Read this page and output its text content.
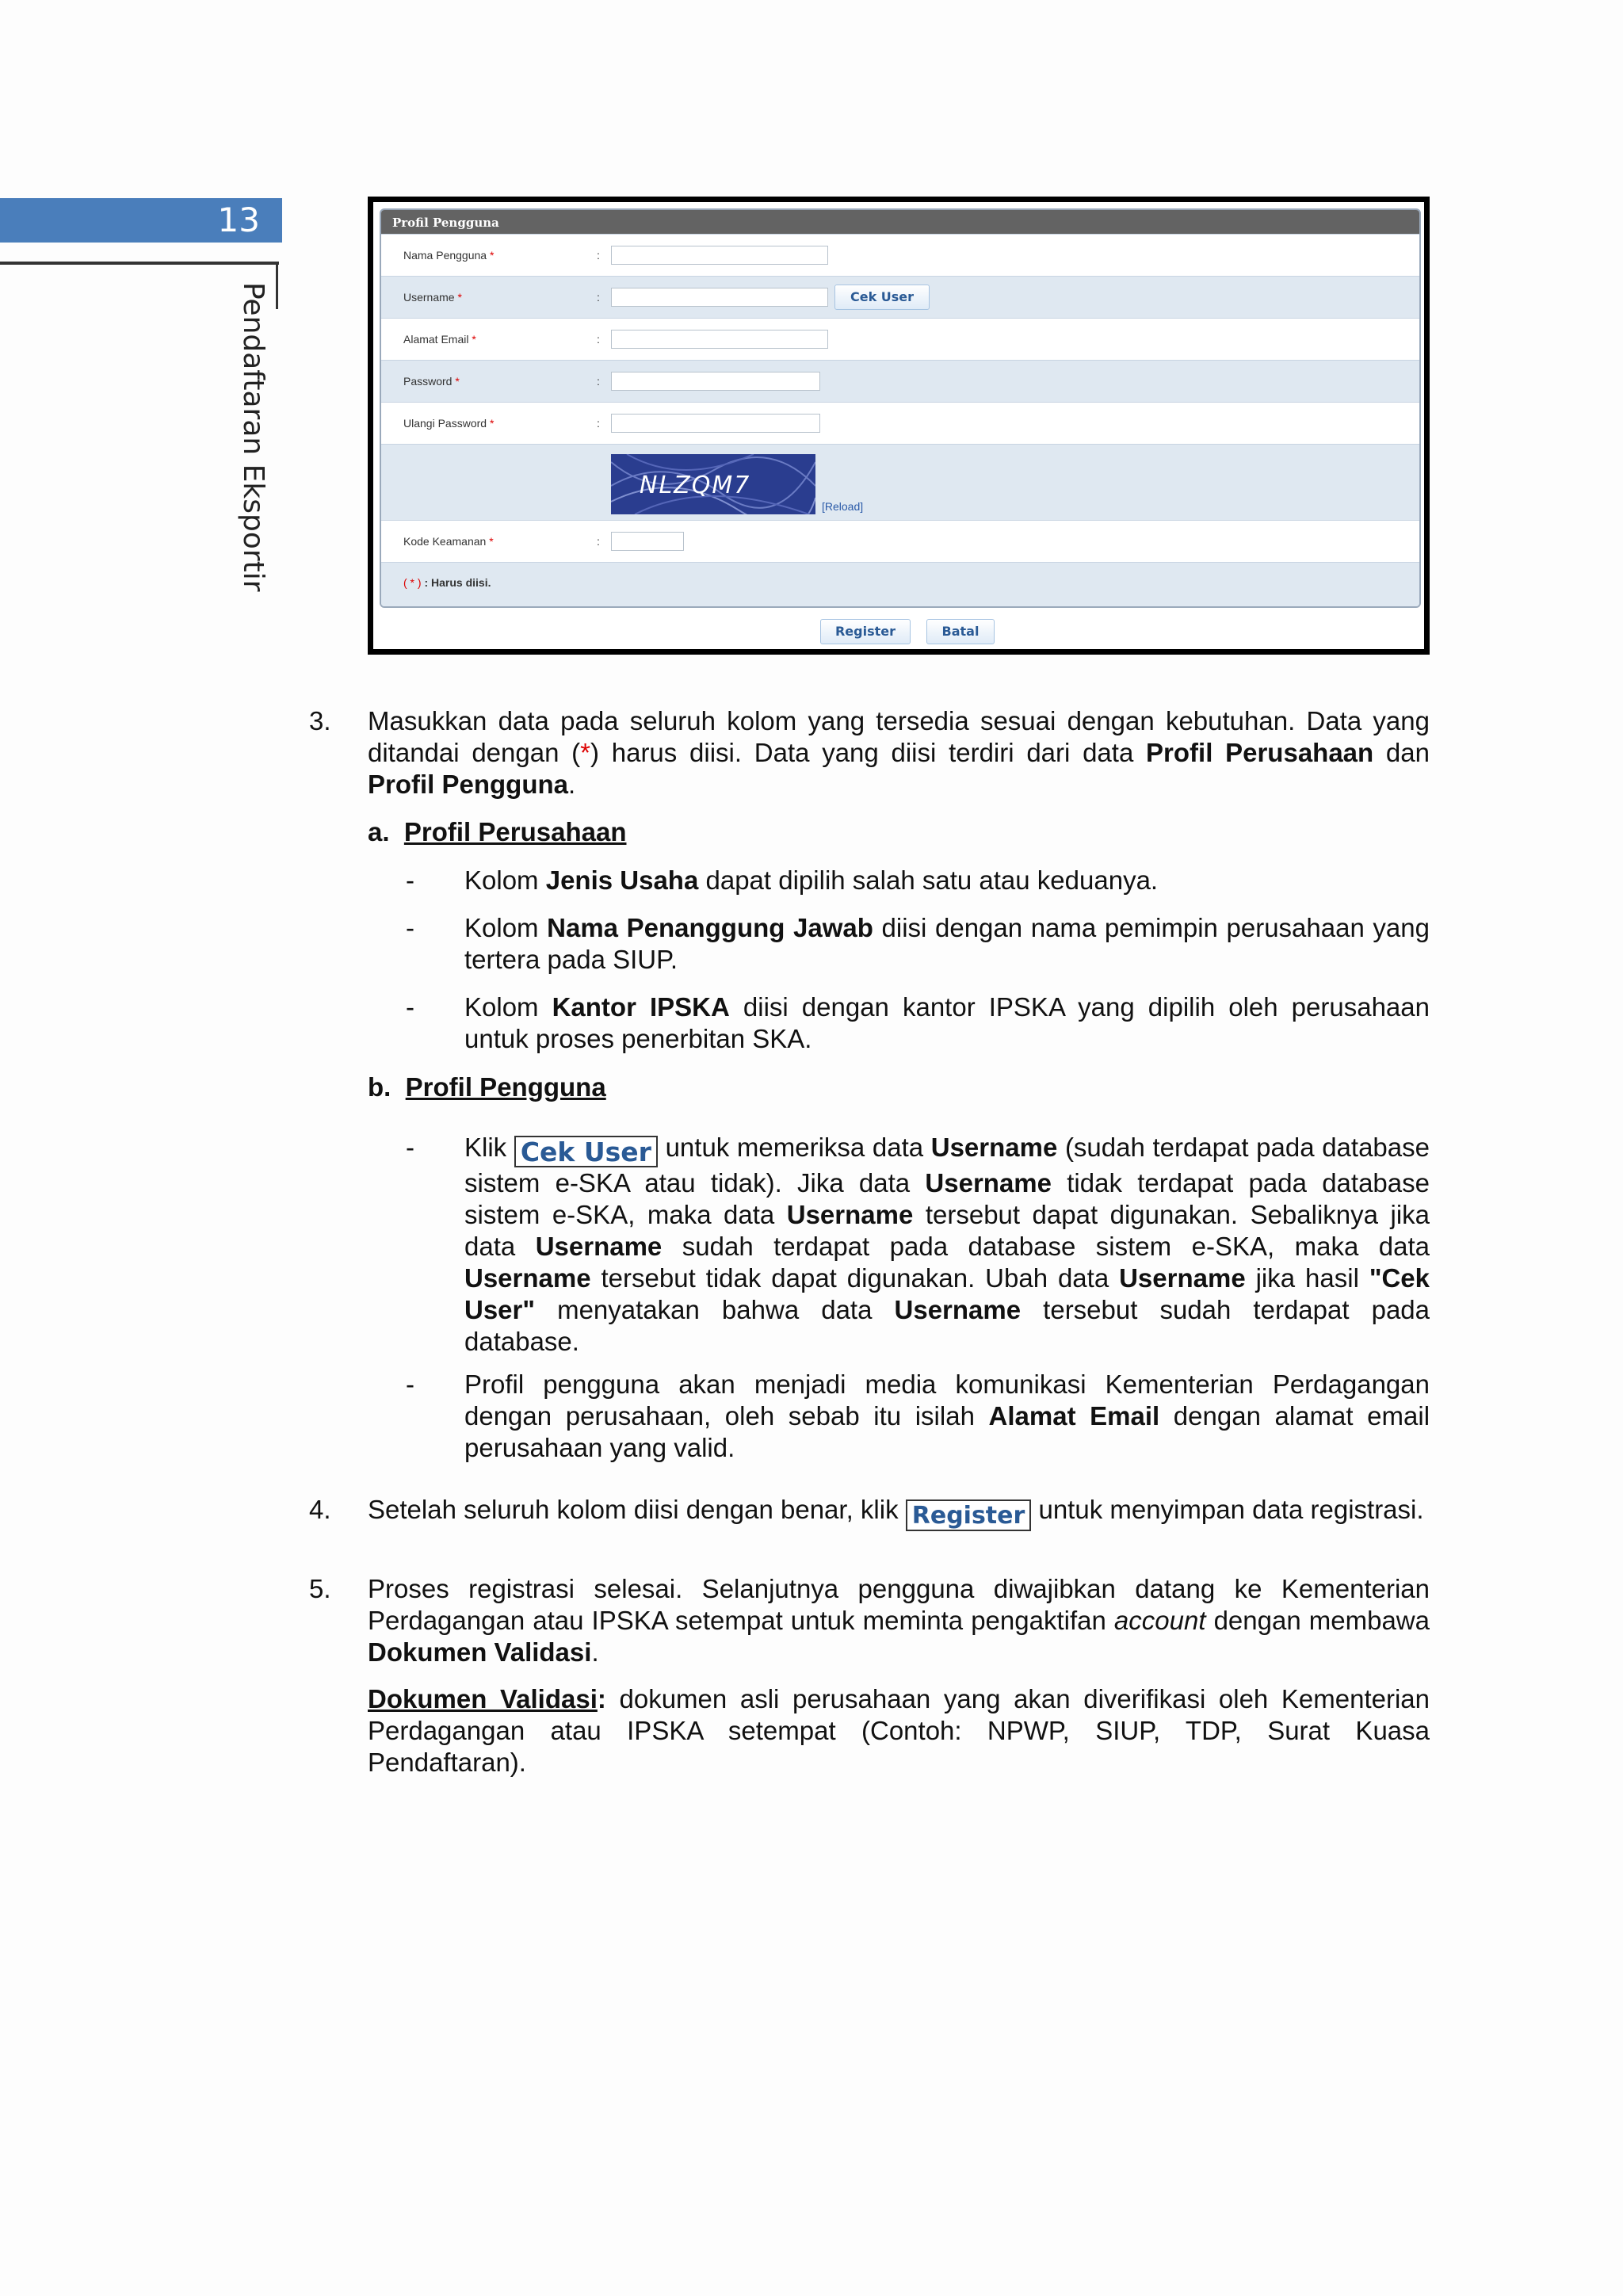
13
Pendaftaran Eksportir
Profil Pengguna
Nama Pengguna *	:
Username *	:	Cek User
Alamat Email *	:
Password *	:
Ulangi Password *	:
NLZQM7
[Reload]
Kode Keamanan *	:
( * ) : Harus diisi.
Register	Batal
3. Masukkan data pada seluruh kolom yang tersedia sesuai dengan kebutuhan. Data yang ditandai dengan (*) harus diisi. Data yang diisi terdiri dari data Profil Perusahaan dan Profil Pengguna.
a. Profil Perusahaan
- Kolom Jenis Usaha dapat dipilih salah satu atau keduanya.
- Kolom Nama Penanggung Jawab diisi dengan nama pemimpin perusahaan yang tertera pada SIUP.
- Kolom Kantor IPSKA diisi dengan kantor IPSKA yang dipilih oleh perusahaan untuk proses penerbitan SKA.
b. Profil Pengguna
- Klik Cek User untuk memeriksa data Username (sudah terdapat pada database sistem e-SKA atau tidak). Jika data Username tidak terdapat pada database sistem e-SKA, maka data Username tersebut dapat digunakan. Sebaliknya jika data Username sudah terdapat pada database sistem e-SKA, maka data Username tersebut tidak dapat digunakan. Ubah data Username jika hasil "Cek User" menyatakan bahwa data Username tersebut sudah terdapat pada database.
- Profil pengguna akan menjadi media komunikasi Kementerian Perdagangan dengan perusahaan, oleh sebab itu isilah Alamat Email dengan alamat email perusahaan yang valid.
4. Setelah seluruh kolom diisi dengan benar, klik Register untuk menyimpan data registrasi.
5. Proses registrasi selesai. Selanjutnya pengguna diwajibkan datang ke Kementerian Perdagangan atau IPSKA setempat untuk meminta pengaktifan account dengan membawa Dokumen Validasi.
Dokumen Validasi: dokumen asli perusahaan yang akan diverifikasi oleh Kementerian Perdagangan atau IPSKA setempat (Contoh: NPWP, SIUP, TDP, Surat Kuasa Pendaftaran).
